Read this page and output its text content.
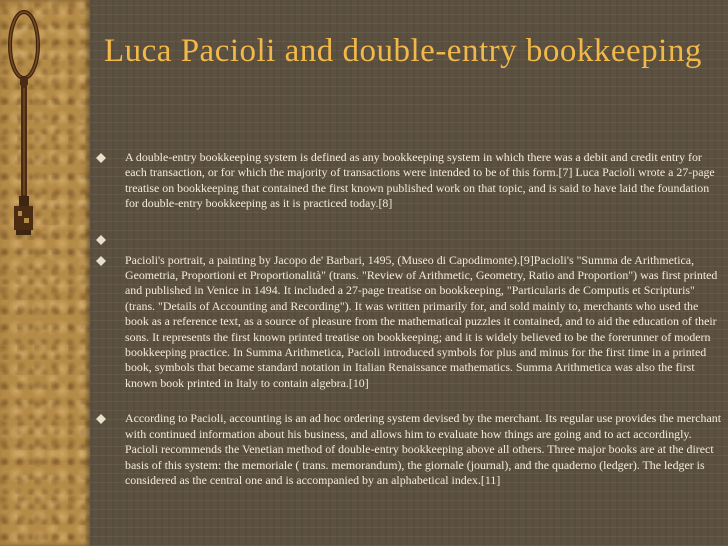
Luca Pacioli and double-entry bookkeeping
A double-entry bookkeeping system is defined as any bookkeeping system in which there was a debit and credit entry for each transaction, or for which the majority of transactions were intended to be of this form.[7] Luca Pacioli wrote a 27-page treatise on bookkeeping that contained the first known published work on that topic, and is said to have laid the foundation for double-entry bookkeeping as it is practiced today.[8]
Pacioli's portrait, a painting by Jacopo de' Barbari, 1495, (Museo di Capodimonte).[9]Pacioli's "Summa de Arithmetica, Geometria, Proportioni et Proportionalità" (trans. "Review of Arithmetic, Geometry, Ratio and Proportion") was first printed and published in Venice in 1494. It included a 27-page treatise on bookkeeping, "Particularis de Computis et Scripturis" (trans. "Details of Accounting and Recording"). It was written primarily for, and sold mainly to, merchants who used the book as a reference text, as a source of pleasure from the mathematical puzzles it contained, and to aid the education of their sons. It represents the first known printed treatise on bookkeeping; and it is widely believed to be the forerunner of modern bookkeeping practice. In Summa Arithmetica, Pacioli introduced symbols for plus and minus for the first time in a printed book, symbols that became standard notation in Italian Renaissance mathematics. Summa Arithmetica was also the first known book printed in Italy to contain algebra.[10]
According to Pacioli, accounting is an ad hoc ordering system devised by the merchant. Its regular use provides the merchant with continued information about his business, and allows him to evaluate how things are going and to act accordingly. Pacioli recommends the Venetian method of double-entry bookkeeping above all others. Three major books are at the direct basis of this system: the memoriale ( trans. memorandum), the giornale (journal), and the quaderno (ledger). The ledger is considered as the central one and is accompanied by an alphabetical index.[11]
